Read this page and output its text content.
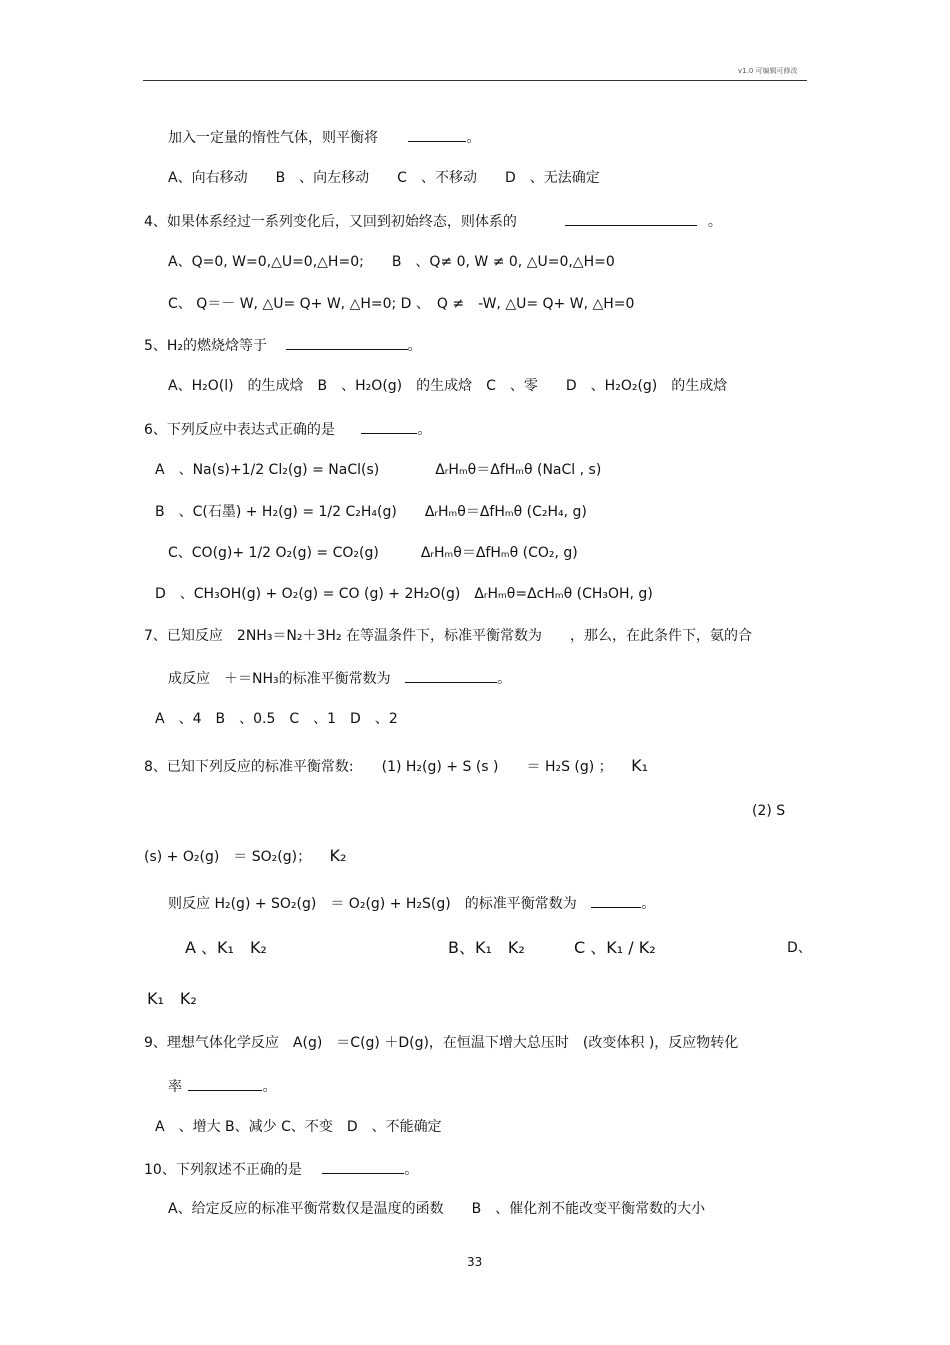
v1.0 可编辑可修改
加入一定量的惰性气体，则平衡将	。
A、向右移动　　B　、向左移动　　C　、不移动　　D　、无法确定
4、如果体系经过一系列变化后，又回到初始终态，则体系的	。
A、Q=0, W=0,△U=0,△H=0;　　B　、Q≠ 0, W ≠ 0, △U=0,△H=0
C、 Q＝－ W, △U= Q+ W, △H=0; D 、　Q ≠　-W, △U= Q+ W, △H=0
5、H₂的燃烧焓等于	。
A、H₂O(l)　的生成焓　B　、H₂O(g)　的生成焓　C　、零　　D　、H₂O₂(g)　的生成焓
6、下列反应中表达式正确的是	。
A　、Na(s)+1/2 Cl₂(g) = NaCl(s)　　　　ΔᵣHₘθ＝ΔfHₘθ (NaCl , s)
B　、C(石墨) + H₂(g) = 1/2 C₂H₄(g)　　ΔᵣHₘθ＝ΔfHₘθ (C₂H₄, g)
C、CO(g)+ 1/2 O₂(g) = CO₂(g)　　　ΔᵣHₘθ＝ΔfHₘθ (CO₂, g)
D　、CH₃OH(g) + O₂(g) = CO (g) + 2H₂O(g)　ΔᵣHₘθ=ΔcHₘθ (CH₃OH, g)
7、已知反应　2NH₃＝N₂＋3H₂ 在等温条件下，标准平衡常数为　　，那么，在此条件下，氨的合
成反应　＋＝NH₃的标准平衡常数为	。
A　、4　B　、0.5　C　、1　D　、2
8、已知下列反应的标准平衡常数:　　(1) H₂(g) + S (s )　　＝ H₂S (g) ； K₁
(2) S
(s) + O₂(g)　＝ SO₂(g)； K₂
则反应 H₂(g) + SO₂(g)　＝ O₂(g) + H₂S(g)　的标准平衡常数为	。
A 、K₁　K₂	B、K₁　K₂	C 、K₁ / K₂	D、
K₁　K₂
9、理想气体化学反应　A(g)　＝C(g) ＋D(g)，在恒温下增大总压时　(改变体积 )，反应物转化
率	。
A　、增大 B、减少 C、不变　D　、不能确定
10、下列叙述不正确的是	。
A、给定反应的标准平衡常数仅是温度的函数　　B　、催化剂不能改变平衡常数的大小
33
